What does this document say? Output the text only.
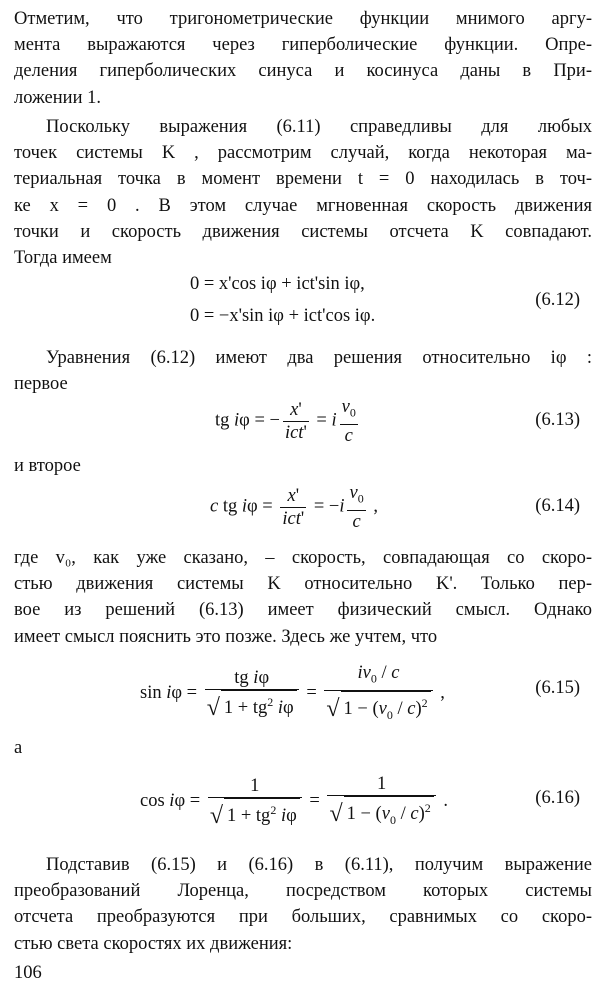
Отметим, что тригонометрические функции мнимого аргу-
мента выражаются через гиперболические функции. Опре-
деления гиперболических синуса и косинуса даны в При-
ложении 1.
Поскольку выражения (6.11) справедливы для любых
точек системы K , рассмотрим случай, когда некоторая ма-
териальная точка в момент времени t = 0 находилась в точ-
ке x = 0 . В этом случае мгновенная скорость движения
точки и скорость движения системы отсчета K совпадают.
Тогда имеем
0 = x'cos iφ + ict'sin iφ,
0 = −x'sin iφ + ict'cos iφ.
(6.12)
Уравнения (6.12) имеют два решения относительно iφ :
первое
tg iφ = − $\frac{x'}{\text{ict'}} = i \frac{v_0}{c}$	(6.13)
и второе
c tg $i\varphi = \frac{x'}{\text{ict'}} = -i \frac{v_0}{c}$ ,	(6.14)
где v₀, как уже сказано, – скорость, совпадающая со скоро-
стью движения системы K относительно K'. Только пер-
вое из решений (6.13) имеет физический смысл. Однако
имеет смысл пояснить это позже. Здесь же учтем, что
$\sin i\varphi = \frac{\text{tg iφ}}{√ 1 + tg^2 i\varphi} = \frac{iv_0 / c}{√ 1 - (v_0 / c)^2}$ ,	(6.15)
а
$\cos i\varphi = \frac{1}{√ 1 + tg^2 i\varphi} = \frac{1}{√ 1 - (v_0 / c)^2}$ .	(6.16)
Подставив (6.15) и (6.16) в (6.11), получим выражение
преобразований Лоренца, посредством которых системы
отсчета преобразуются при больших, сравнимых со скоро-
стью света скоростях их движения:
106
